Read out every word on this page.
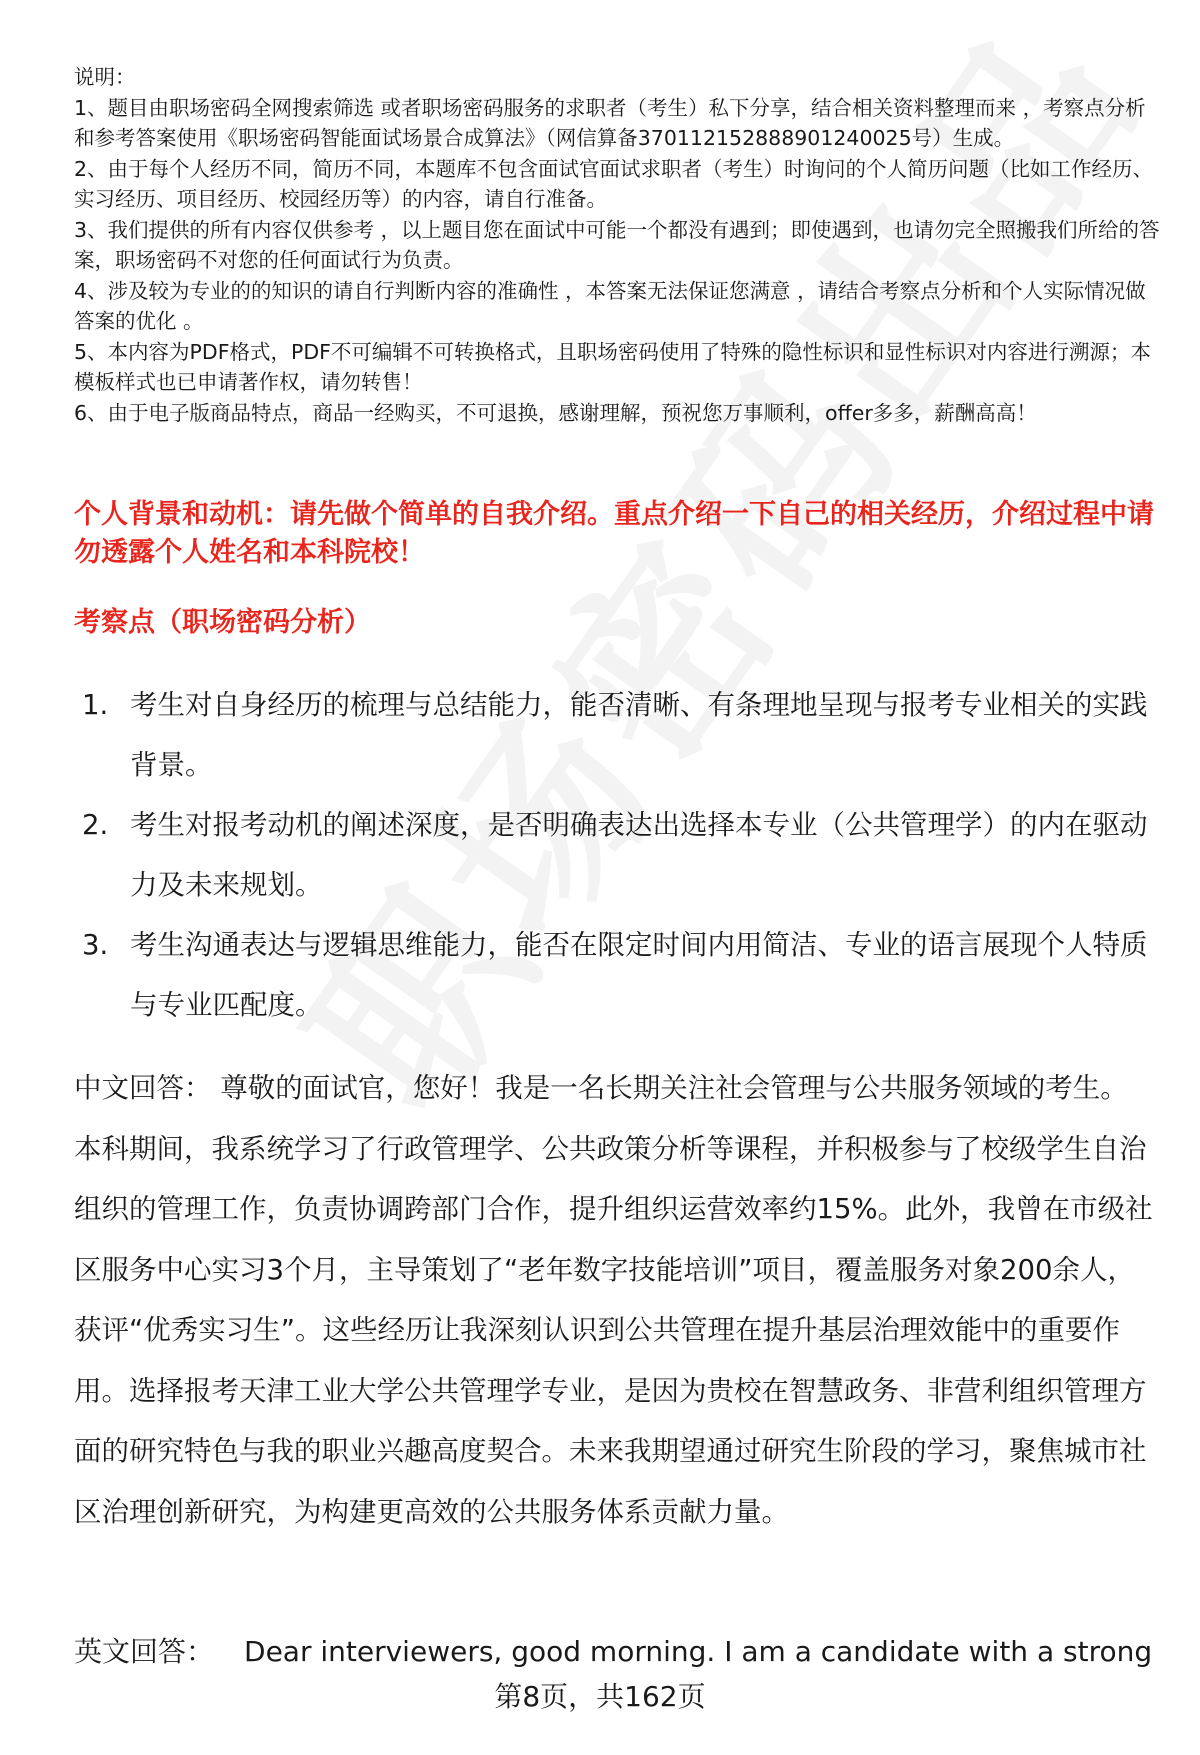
说明：

1、题目由职场密码全网搜索筛选 或者职场密码服务的求职者（考生）私下分享，结合相关资料整理而来 ，考察点分析和参考答案使用《职场密码智能面试场景合成算法》（网信算备370112152888901240025号）生成。

2、由于每个人经历不同，简历不同，本题库不包含面试官面试求职者（考生）时询问的个人简历问题（比如工作经历、实习经历、项目经历、校园经历等）的内容，请自行准备。

3、我们提供的所有内容仅供参考 ，以上题目您在面试中可能一个都没有遇到；即使遇到，也请勿完全照搬我们所给的答案，职场密码不对您的任何面试行为负责。

4、涉及较为专业的的知识的请自行判断内容的准确性 ，本答案无法保证您满意 ，请结合考察点分析和个人实际情况做答案的优化 。

5、本内容为PDF格式，PDF不可编辑不可转换格式，且职场密码使用了特殊的隐性标识和显性标识对内容进行溯源；本模板样式也已申请著作权，请勿转售！

6、由于电子版商品特点，商品一经购买，不可退换，感谢理解，预祝您万事顺利，offer多多，薪酬高高！

个人背景和动机：请先做个简单的自我介绍。重点介绍一下自己的相关经历，介绍过程中请勿透露个人姓名和本科院校！
考察点（职场密码分析）
1. 考生对自身经历的梳理与总结能力，能否清晰、有条理地呈现与报考专业相关的实践背景。
2. 考生对报考动机的阐述深度，是否明确表达出选择本专业（公共管理学）的内在驱动力及未来规划。
3. 考生沟通表达与逻辑思维能力，能否在限定时间内用简洁、专业的语言展现个人特质与专业匹配度。

中文回答： 尊敬的面试官，您好！我是一名长期关注社会管理与公共服务领域的考生。本科期间，我系统学习了行政管理学、公共政策分析等课程，并积极参与了校级学生自治组织的管理工作，负责协调跨部门合作，提升组织运营效率约15%。此外，我曾在市级社区服务中心实习3个月，主导策划了“老年数字技能培训”项目，覆盖服务对象200余人，获评“优秀实习生”。这些经历让我深刻认识到公共管理在提升基层治理效能中的重要作用。选择报考天津工业大学公共管理学专业，是因为贵校在智慧政务、非营利组织管理方面的研究特色与我的职业兴趣高度契合。未来我期望通过研究生阶段的学习，聚焦城市社区治理创新研究，为构建更高效的公共服务体系贡献力量。

英文回答： Dear interviewers, good morning. I am a candidate with a strong

第8页，共162页
